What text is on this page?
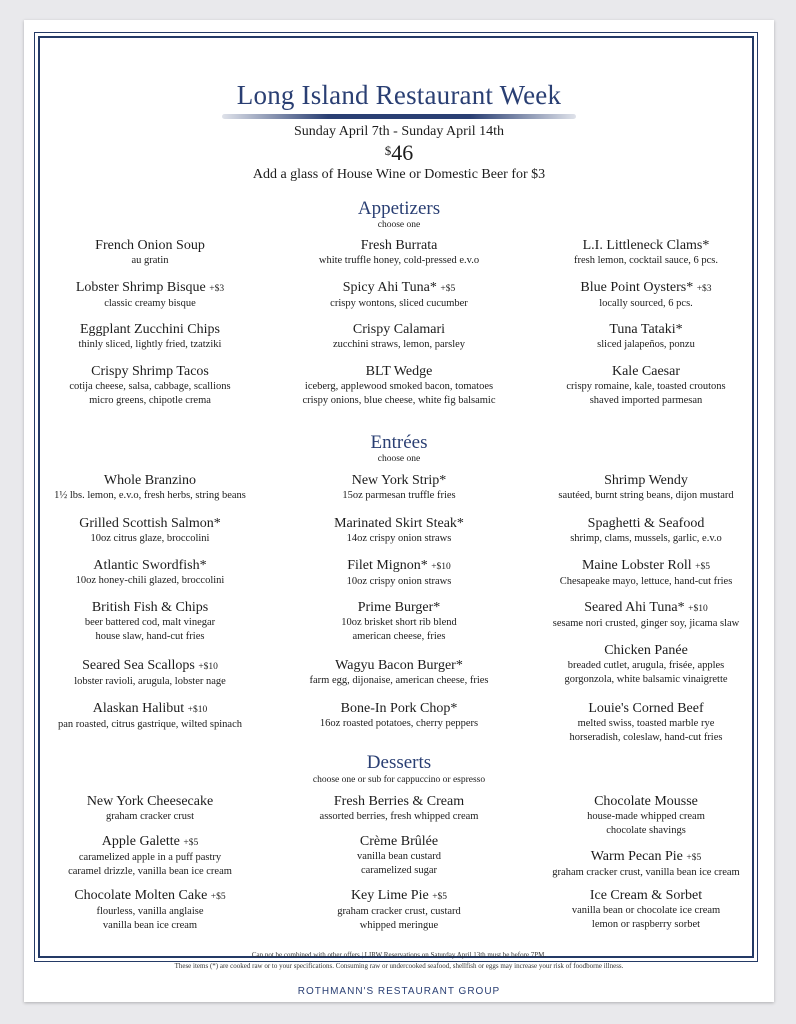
Long Island Restaurant Week
Sunday April 7th - Sunday April 14th
$46
Add a glass of House Wine or Domestic Beer for $3
Appetizers
choose one
French Onion Soup
au gratin
Lobster Shrimp Bisque +$3
classic creamy bisque
Eggplant Zucchini Chips
thinly sliced, lightly fried, tzatziki
Crispy Shrimp Tacos
cotija cheese, salsa, cabbage, scallions
micro greens, chipotle crema
Fresh Burrata
white truffle honey, cold-pressed e.v.o
Spicy Ahi Tuna* +$5
crispy wontons, sliced cucumber
Crispy Calamari
zucchini straws, lemon, parsley
BLT Wedge
iceberg, applewood smoked bacon, tomatoes
crispy onions, blue cheese, white fig balsamic
L.I. Littleneck Clams*
fresh lemon, cocktail sauce, 6 pcs.
Blue Point Oysters* +$3
locally sourced, 6 pcs.
Tuna Tataki*
sliced jalapeños, ponzu
Kale Caesar
crispy romaine, kale, toasted croutons
shaved imported parmesan
Entrées
choose one
Whole Branzino
1½ lbs. lemon, e.v.o, fresh herbs, string beans
Grilled Scottish Salmon*
10oz citrus glaze, broccolini
Atlantic Swordfish*
10oz honey-chili glazed, broccolini
British Fish & Chips
beer battered cod, malt vinegar
house slaw, hand-cut fries
Seared Sea Scallops +$10
lobster ravioli, arugula, lobster nage
Alaskan Halibut +$10
pan roasted, citrus gastrique, wilted spinach
New York Strip*
15oz parmesan truffle fries
Marinated Skirt Steak*
14oz crispy onion straws
Filet Mignon* +$10
10oz crispy onion straws
Prime Burger*
10oz brisket short rib blend
american cheese, fries
Wagyu Bacon Burger*
farm egg, dijonaise, american cheese, fries
Bone-In Pork Chop*
16oz roasted potatoes, cherry peppers
Shrimp Wendy
sautéed, burnt string beans, dijon mustard
Spaghetti & Seafood
shrimp, clams, mussels, garlic, e.v.o
Maine Lobster Roll +$5
Chesapeake mayo, lettuce, hand-cut fries
Seared Ahi Tuna* +$10
sesame nori crusted, ginger soy, jicama slaw
Chicken Panée
breaded cutlet, arugula, frisée, apples
gorgonzola, white balsamic vinaigrette
Louie's Corned Beef
melted swiss, toasted marble rye
horseradish, coleslaw, hand-cut fries
Desserts
choose one or sub for cappuccino or espresso
New York Cheesecake
graham cracker crust
Apple Galette +$5
caramelized apple in a puff pastry
caramel drizzle, vanilla bean ice cream
Chocolate Molten Cake +$5
flourless, vanilla anglaise
vanilla bean ice cream
Fresh Berries & Cream
assorted berries, fresh whipped cream
Crème Brûlée
vanilla bean custard
caramelized sugar
Key Lime Pie +$5
graham cracker crust, custard
whipped meringue
Chocolate Mousse
house-made whipped cream
chocolate shavings
Warm Pecan Pie +$5
graham cracker crust, vanilla bean ice cream
Ice Cream & Sorbet
vanilla bean or chocolate ice cream
lemon or raspberry sorbet
Can not be combined with other offers | LIRW Reservations on Saturday April 13th must be before 7PM.
These items (*) are cooked raw or to your specifications. Consuming raw or undercooked seafood, shellfish or eggs may increase your risk of foodborne illness.
ROTHMANN'S RESTAURANT GROUP
